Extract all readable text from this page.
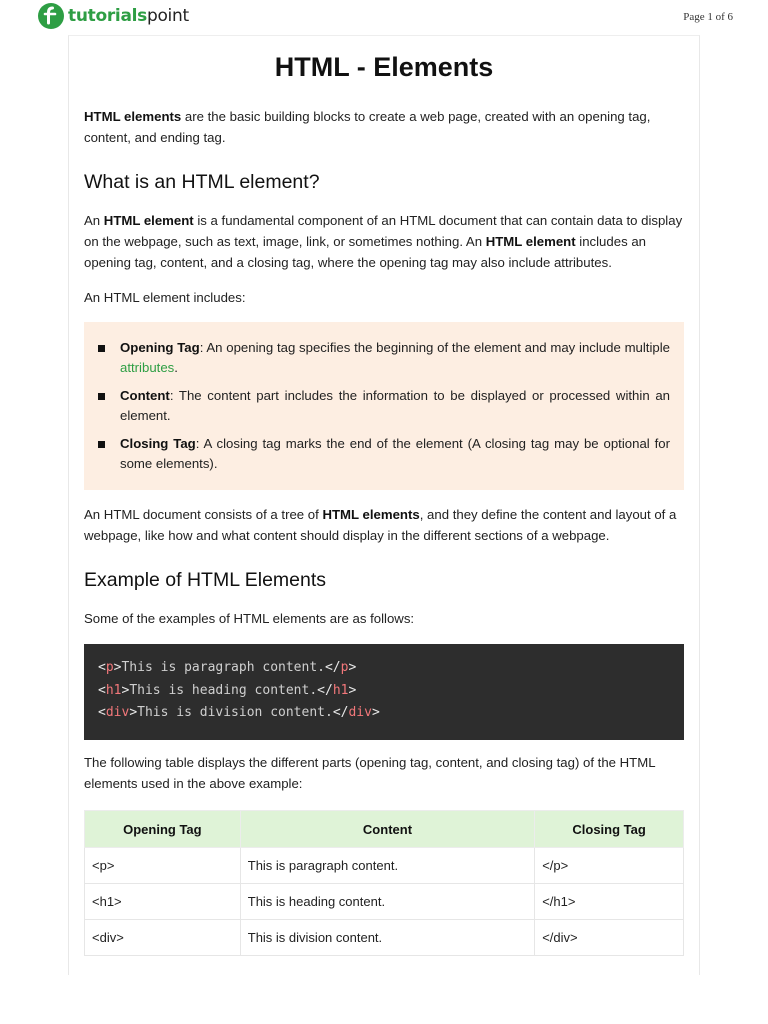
tutorialspoint	Page 1 of 6
HTML - Elements
HTML elements are the basic building blocks to create a web page, created with an opening tag, content, and ending tag.
What is an HTML element?
An HTML element is a fundamental component of an HTML document that can contain data to display on the webpage, such as text, image, link, or sometimes nothing. An HTML element includes an opening tag, content, and a closing tag, where the opening tag may also include attributes.
An HTML element includes:
Opening Tag: An opening tag specifies the beginning of the element and may include multiple attributes.
Content: The content part includes the information to be displayed or processed within an element.
Closing Tag: A closing tag marks the end of the element (A closing tag may be optional for some elements).
An HTML document consists of a tree of HTML elements, and they define the content and layout of a webpage, like how and what content should display in the different sections of a webpage.
Example of HTML Elements
Some of the examples of HTML elements are as follows:
<p>This is paragraph content.</p>
<h1>This is heading content.</h1>
<div>This is division content.</div>
The following table displays the different parts (opening tag, content, and closing tag) of the HTML elements used in the above example:
Opening Tag	Content	Closing Tag
<p>	This is paragraph content.	</p>
<h1>	This is heading content.	</h1>
<div>	This is division content.	</div>
